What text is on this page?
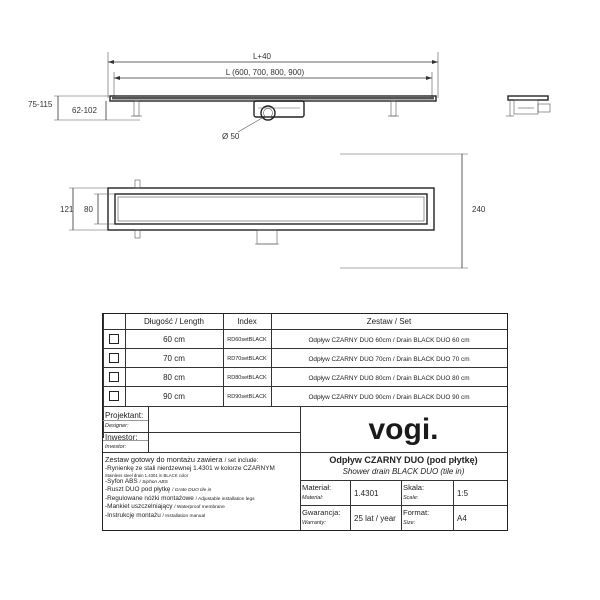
L+40
L (600, 700, 800, 900)
75-115
62-102
Ø 50
121 80	240
Długość / Length	Index	Zestaw / Set
60 cm	RD60setBLACK	Odpływ CZARNY DUO 60cm / Drain BLACK DUO 60 cm
70 cm	RD70setBLACK	Odpływ CZARNY DUO 70cm / Drain BLACK DUO 70 cm
80 cm	RD80setBLACK	Odpływ CZARNY DUO 80cm / Drain BLACK DUO 80 cm
90 cm	RD90setBLACK	Odpływ CZARNY DUO 90cm / Drain BLACK DUO 90 cm
Projektant:
Designer:
Inwestor:
Investor:
vogi.
Zestaw gotowy do montażu zawiera / set include:
-Rynienkę ze stali nierdzewnej 1.4301 w kolorze CZARNYM
Stainless steel drain 1.4301 in BLACK color
-Syfon ABS / Siphon ABS
-Ruszt DUO pod płytkę / Grate DUO tile in
-Regulowane nóżki montażowe / Adjustable installation legs
-Mankiet uszczelniający / Waterproof membrane
-Instrukcję montażu / Installation manual
Odpływ CZARNY DUO (pod płytkę)
Shower drain BLACK DUO (tile in)
Materiał:
Material:	1.4301
Skala:
Scale:	1:5
Gwarancja:
Warranty:	25 lat / year
Format:
Size:	A4
